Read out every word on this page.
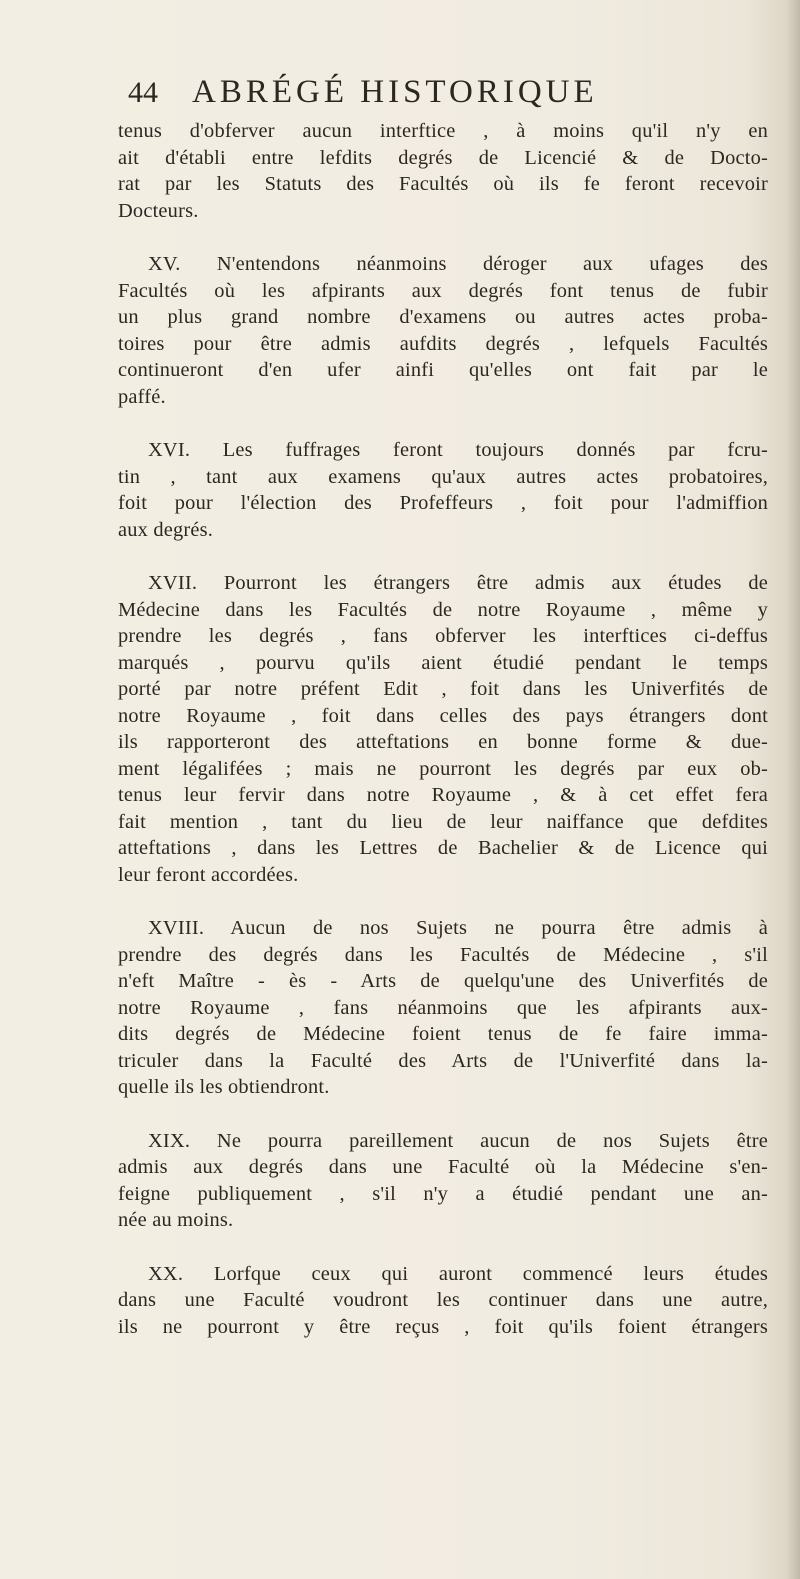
44 ABRÉGÉ HISTORIQUE
tenus d'obferver aucun interftice , à moins qu'il n'y en
ait d'établi entre lefdits degrés de Licencié & de Docto-
rat par les Statuts des Facultés où ils fe feront recevoir
Docteurs.
XV. N'entendons néanmoins déroger aux ufages des
Facultés où les afpirants aux degrés font tenus de fubir
un plus grand nombre d'examens ou autres actes proba-
toires pour être admis aufdits degrés , lefquels Facultés
continueront d'en ufer ainfi qu'elles ont fait par le
paffé.
XVI. Les fuffrages feront toujours donnés par fcru-
tin , tant aux examens qu'aux autres actes probatoires,
foit pour l'élection des Profeffeurs , foit pour l'admiffion
aux degrés.
XVII. Pourront les étrangers être admis aux études de
Médecine dans les Facultés de notre Royaume , même y
prendre les degrés , fans obferver les interftices ci-deffus
marqués , pourvu qu'ils aient étudié pendant le temps
porté par notre préfent Edit , foit dans les Univerfités de
notre Royaume , foit dans celles des pays étrangers dont
ils rapporteront des atteftations en bonne forme & due-
ment légalifées ; mais ne pourront les degrés par eux ob-
tenus leur fervir dans notre Royaume , & à cet effet fera
fait mention , tant du lieu de leur naiffance que defdites
atteftations , dans les Lettres de Bachelier & de Licence qui
leur feront accordées.
XVIII. Aucun de nos Sujets ne pourra être admis à
prendre des degrés dans les Facultés de Médecine , s'il
n'eft Maître - ès - Arts de quelqu'une des Univerfités de
notre Royaume , fans néanmoins que les afpirants aux-
dits degrés de Médecine foient tenus de fe faire imma-
triculer dans la Faculté des Arts de l'Univerfité dans la-
quelle ils les obtiendront.
XIX. Ne pourra pareillement aucun de nos Sujets être
admis aux degrés dans une Faculté où la Médecine s'en-
feigne publiquement , s'il n'y a étudié pendant une an-
née au moins.
XX. Lorfque ceux qui auront commencé leurs études
dans une Faculté voudront les continuer dans une autre,
ils ne pourront y être reçus , foit qu'ils foient étrangers
